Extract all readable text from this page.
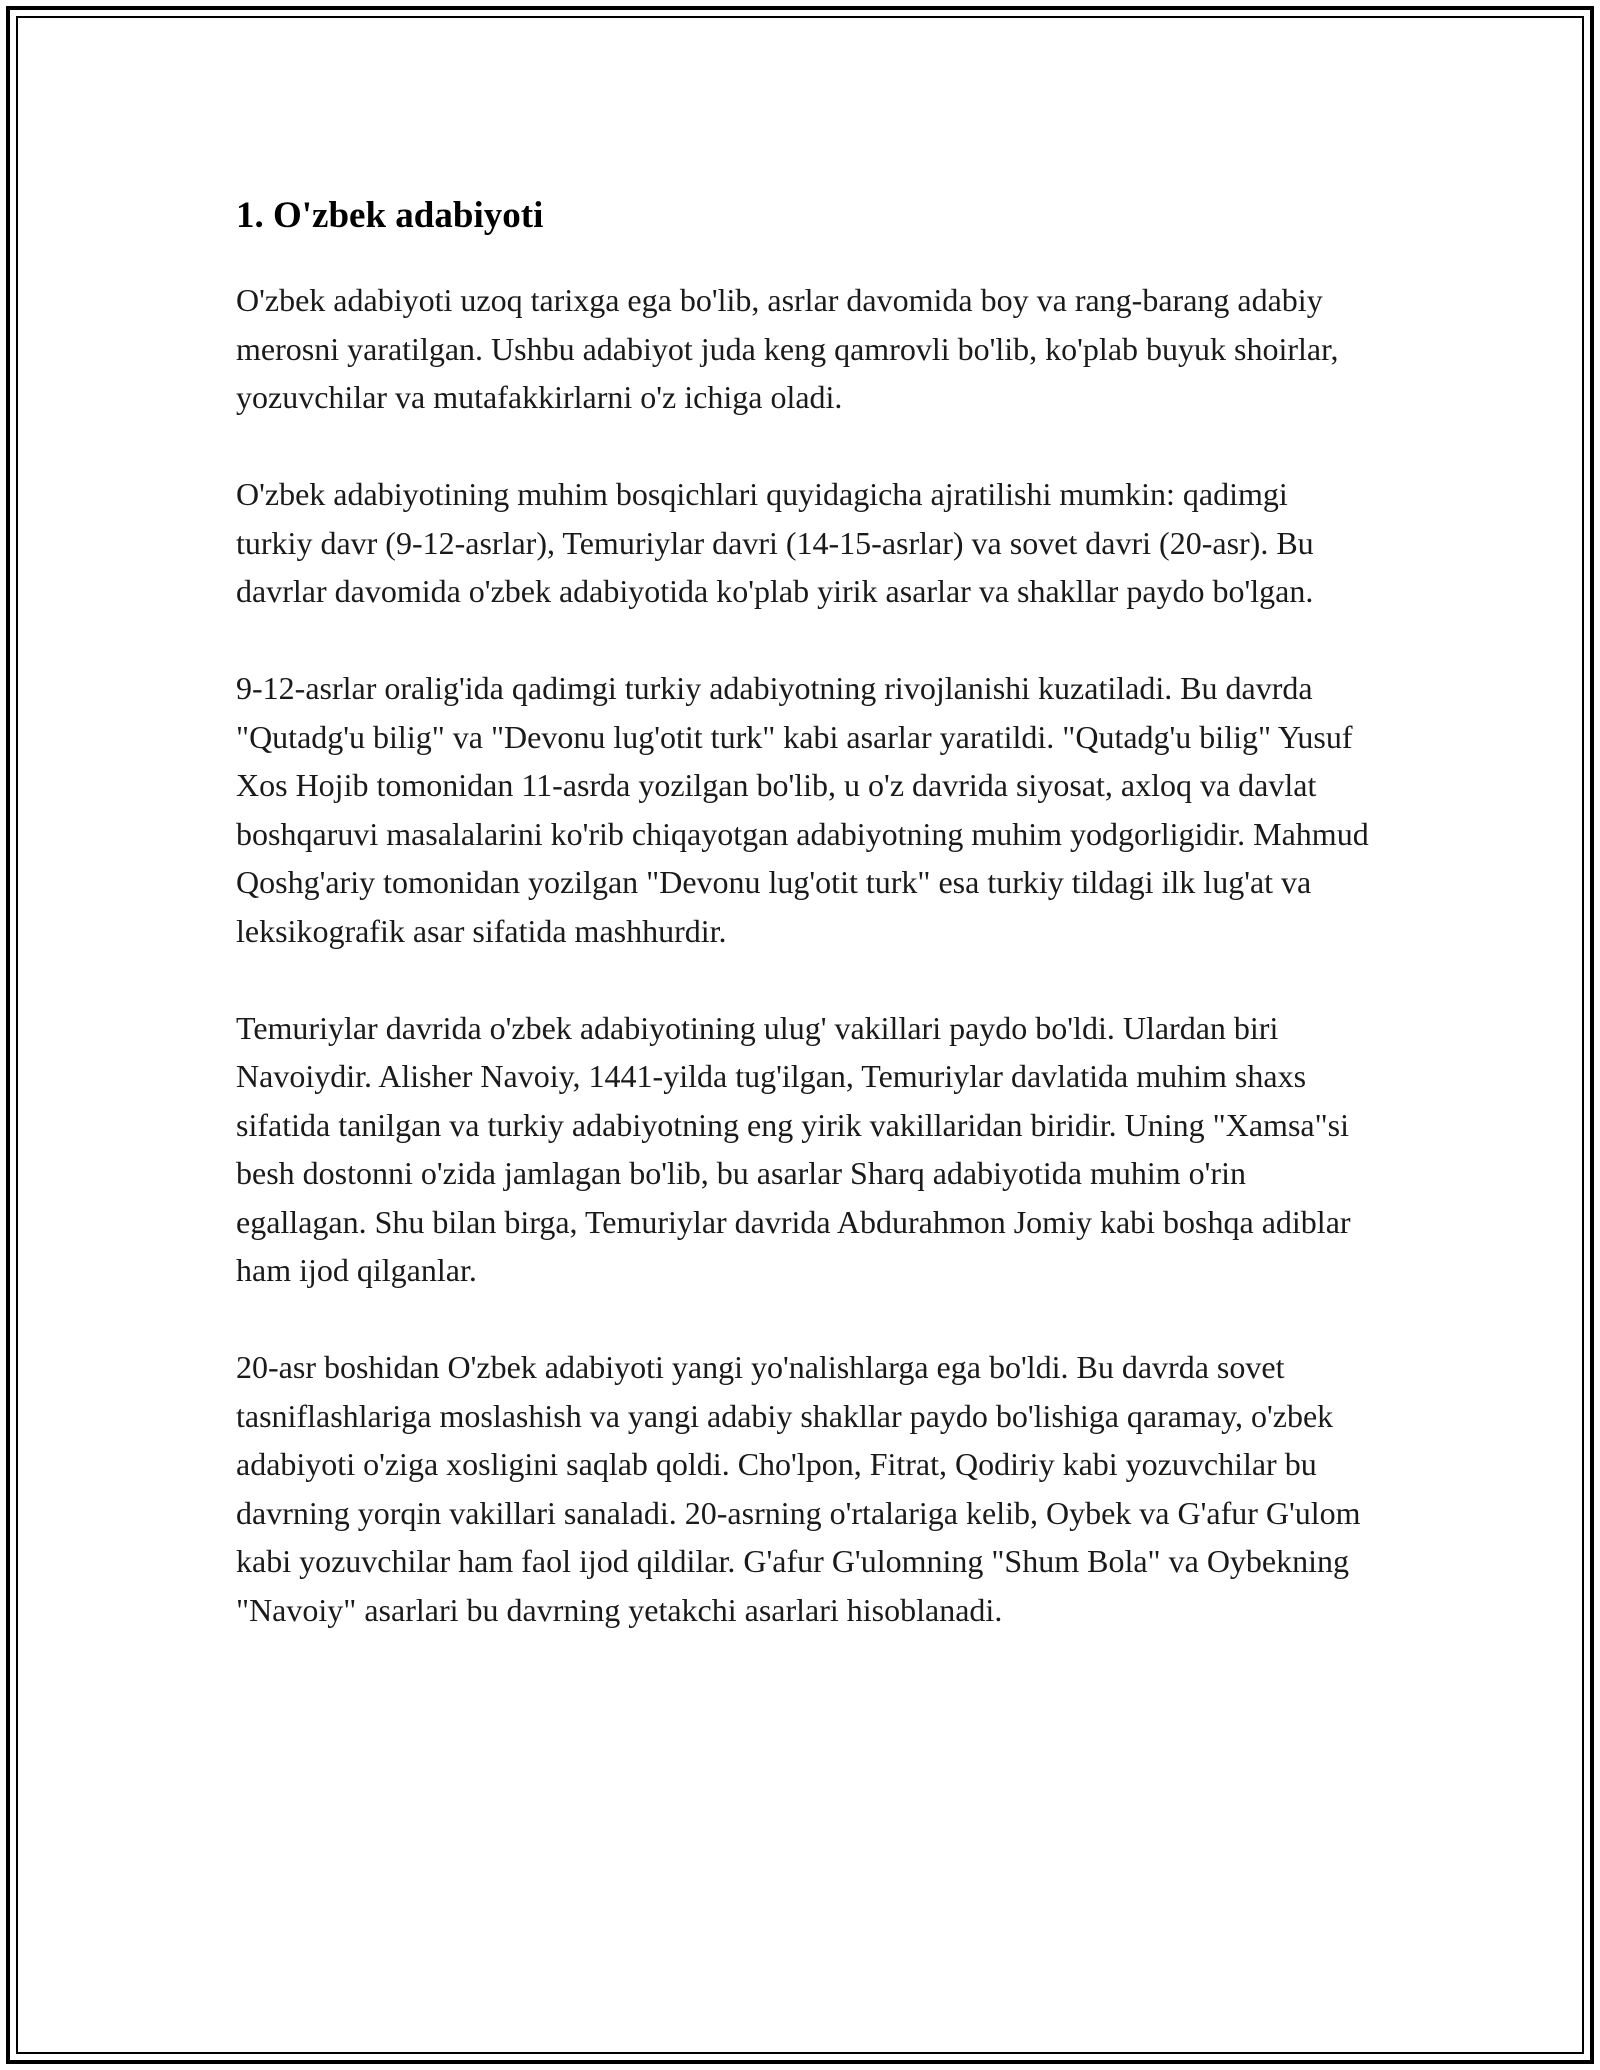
1. O'zbek adabiyoti

O'zbek adabiyoti uzoq tarixga ega bo'lib, asrlar davomida boy va rang-barang adabiy merosni yaratilgan. Ushbu adabiyot juda keng qamrovli bo'lib, ko'plab buyuk shoirlar, yozuvchilar va mutafakkirlarni o'z ichiga oladi.

O'zbek adabiyotining muhim bosqichlari quyidagicha ajratilishi mumkin: qadimgi turkiy davr (9-12-asrlar), Temuriylar davri (14-15-asrlar) va sovet davri (20-asr). Bu davrlar davomida o'zbek adabiyotida ko'plab yirik asarlar va shakllar paydo bo'lgan.

9-12-asrlar oralig'ida qadimgi turkiy adabiyotning rivojlanishi kuzatiladi. Bu davrda "Qutadg'u bilig" va "Devonu lug'otit turk" kabi asarlar yaratildi. "Qutadg'u bilig" Yusuf Xos Hojib tomonidan 11-asrda yozilgan bo'lib, u o'z davrida siyosat, axloq va davlat boshqaruvi masalalarini ko'rib chiqayotgan adabiyotning muhim yodgorligidir. Mahmud Qoshg'ariy tomonidan yozilgan "Devonu lug'otit turk" esa turkiy tildagi ilk lug'at va leksikografik asar sifatida mashhurdir.

Temuriylar davrida o'zbek adabiyotining ulug' vakillari paydo bo'ldi. Ulardan biri Navoiydir. Alisher Navoiy, 1441-yilda tug'ilgan, Temuriylar davlatida muhim shaxs sifatida tanilgan va turkiy adabiyotning eng yirik vakillaridan biridir. Uning "Xamsa"si besh dostonni o'zida jamlagan bo'lib, bu asarlar Sharq adabiyotida muhim o'rin egallagan. Shu bilan birga, Temuriylar davrida Abdurahmon Jomiy kabi boshqa adiblar ham ijod qilganlar.

20-asr boshidan O'zbek adabiyoti yangi yo'nalishlarga ega bo'ldi. Bu davrda sovet tasniflashlariga moslashish va yangi adabiy shakllar paydo bo'lishiga qaramay, o'zbek adabiyoti o'ziga xosligini saqlab qoldi. Cho'lpon, Fitrat, Qodiriy kabi yozuvchilar bu davrning yorqin vakillari sanaladi. 20-asrning o'rtalariga kelib, Oybek va G'afur G'ulom kabi yozuvchilar ham faol ijod qildilar. G'afur G'ulomning "Shum Bola" va Oybekning "Navoiy" asarlari bu davrning yetakchi asarlari hisoblanadi.
